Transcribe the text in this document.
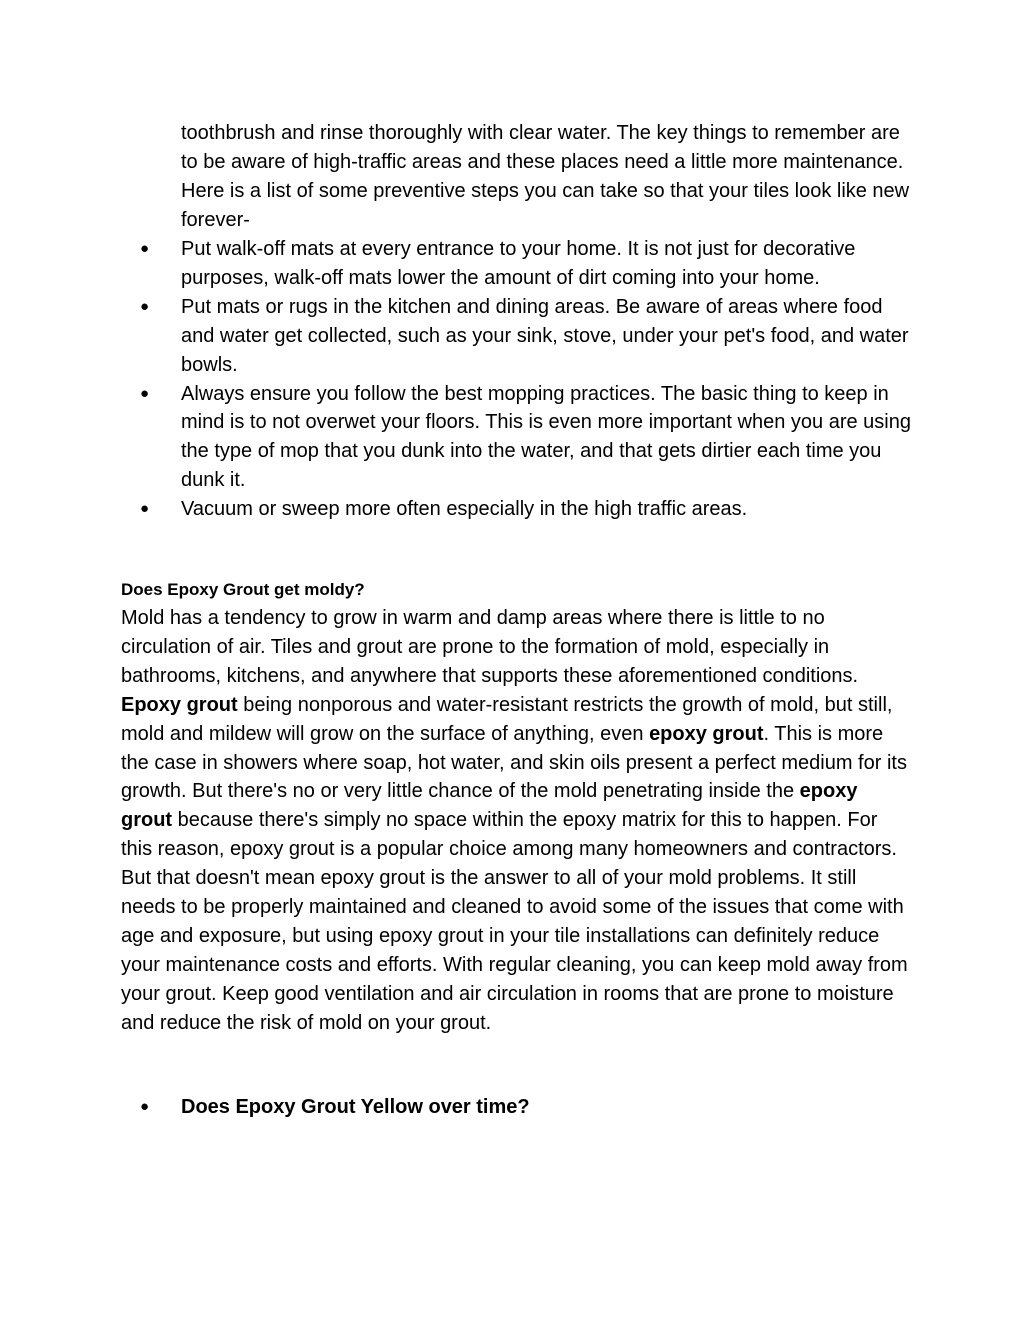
toothbrush and rinse thoroughly with clear water. The key things to remember are to be aware of high-traffic areas and these places need a little more maintenance. Here is a list of some preventive steps you can take so that your tiles look like new forever-

● Put walk-off mats at every entrance to your home. It is not just for decorative purposes, walk-off mats lower the amount of dirt coming into your home.
● Put mats or rugs in the kitchen and dining areas. Be aware of areas where food and water get collected, such as your sink, stove, under your pet's food, and water bowls.
● Always ensure you follow the best mopping practices. The basic thing to keep in mind is to not overwet your floors. This is even more important when you are using the type of mop that you dunk into the water, and that gets dirtier each time you dunk it.
● Vacuum or sweep more often especially in the high traffic areas.
Does Epoxy Grout get moldy?

Mold has a tendency to grow in warm and damp areas where there is little to no circulation of air. Tiles and grout are prone to the formation of mold, especially in bathrooms, kitchens, and anywhere that supports these aforementioned conditions. Epoxy grout being nonporous and water-resistant restricts the growth of mold, but still, mold and mildew will grow on the surface of anything, even epoxy grout. This is more the case in showers where soap, hot water, and skin oils present a perfect medium for its growth. But there's no or very little chance of the mold penetrating inside the epoxy grout because there's simply no space within the epoxy matrix for this to happen. For this reason, epoxy grout is a popular choice among many homeowners and contractors. But that doesn't mean epoxy grout is the answer to all of your mold problems. It still needs to be properly maintained and cleaned to avoid some of the issues that come with age and exposure, but using epoxy grout in your tile installations can definitely reduce your maintenance costs and efforts. With regular cleaning, you can keep mold away from your grout. Keep good ventilation and air circulation in rooms that are prone to moisture and reduce the risk of mold on your grout.

● Does Epoxy Grout Yellow over time?
